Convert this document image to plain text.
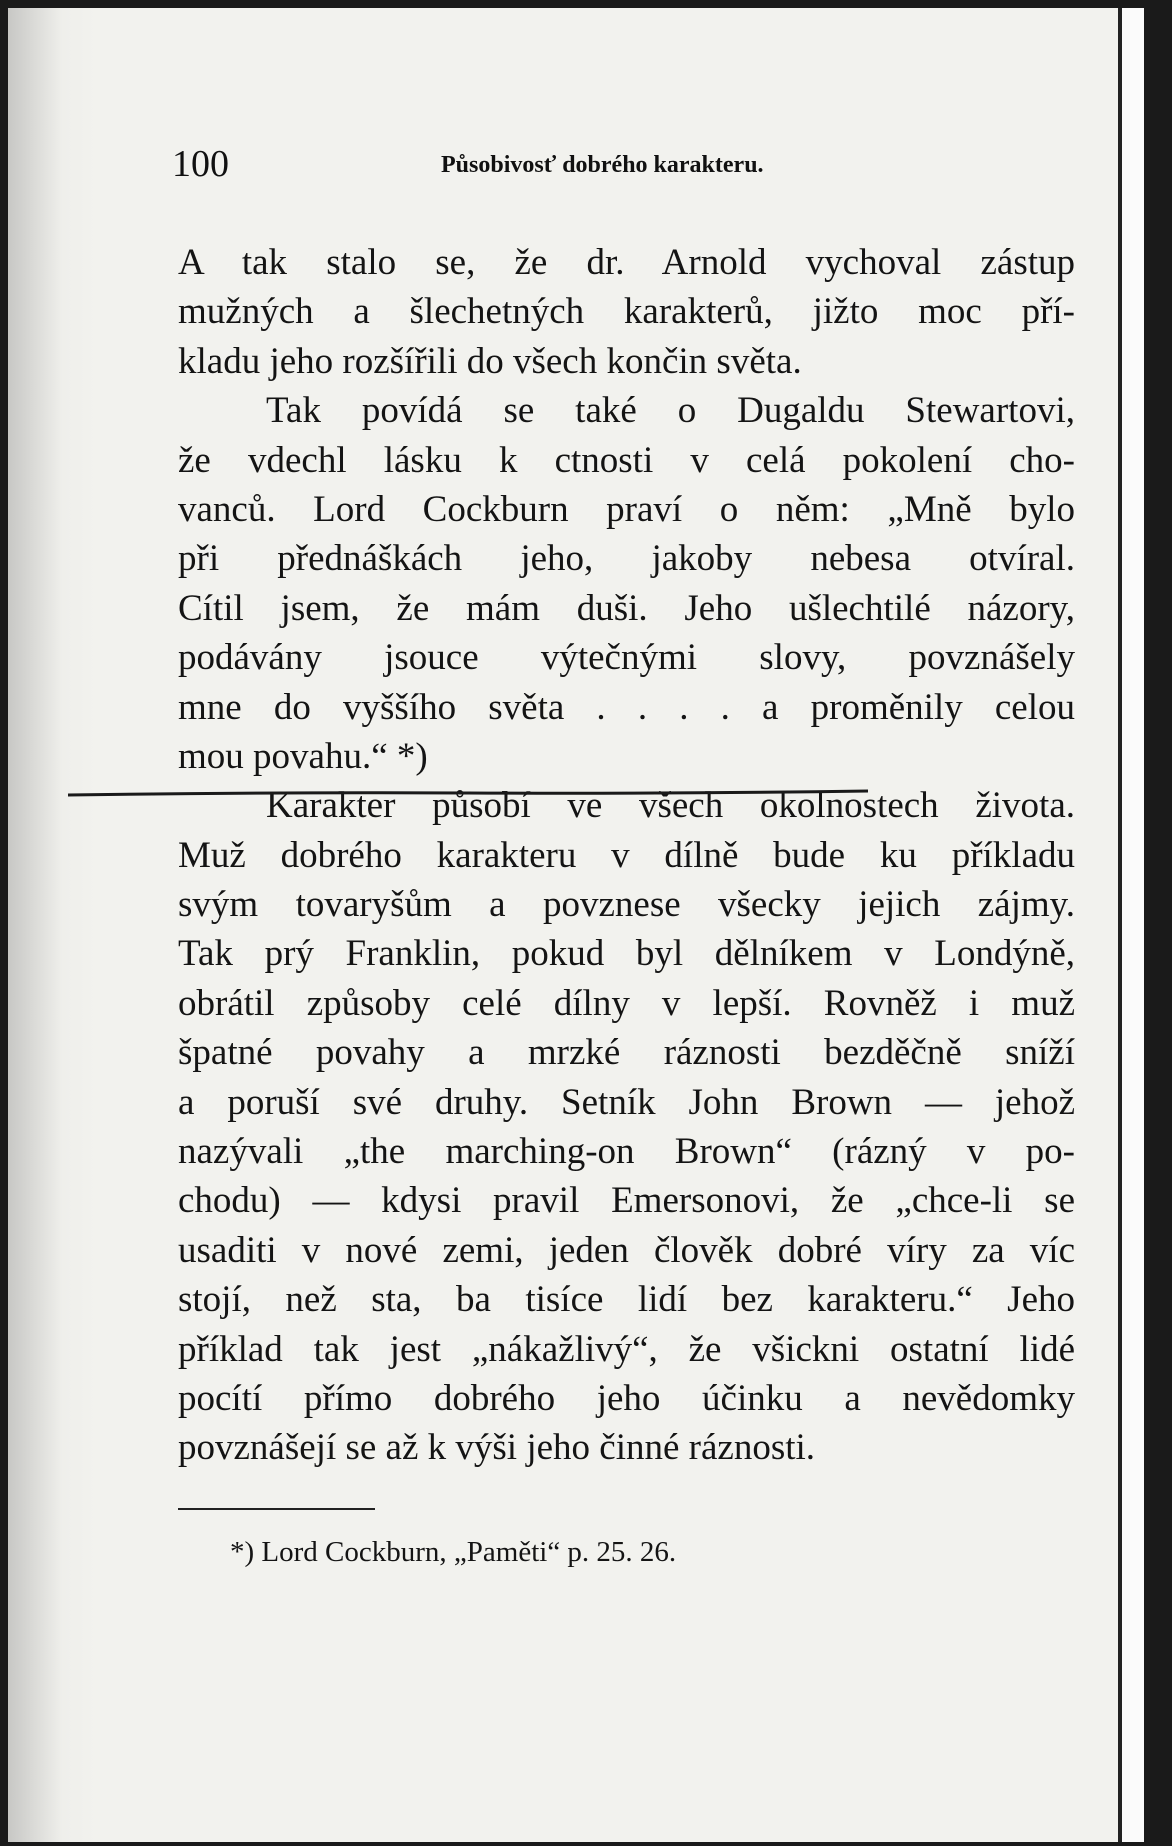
100	Působivosť dobrého karakteru.
A tak stalo se, že dr. Arnold vychoval zástup
mužných a šlechetných karakterů, jižto moc pří-
kladu jeho rozšířili do všech končin světa.
Tak povídá se také o Dugaldu Stewartovi,
že vdechl lásku k ctnosti v celá pokolení cho-
vanců. Lord Cockburn praví o něm: „Mně bylo
při přednáškách jeho, jakoby nebesa otvíral.
Cítil jsem, že mám duši. Jeho ušlechtilé názory,
podávány jsouce výtečnými slovy, povznášely
mne do vyššího světa . . . . a proměnily celou
mou povahu.“ *)
Karakter působí ve všech okolnostech života.
Muž dobrého karakteru v dílně bude ku příkladu
svým tovaryšům a povznese všecky jejich zájmy.
Tak prý Franklin, pokud byl dělníkem v Londýně,
obrátil způsoby celé dílny v lepší. Rovněž i muž
špatné povahy a mrzké ráznosti bezděčně sníží
a poruší své druhy. Setník John Brown — jehož
nazývali „the marching-on Brown“ (rázný v po-
chodu) — kdysi pravil Emersonovi, že „chce-li se
usaditi v nové zemi, jeden člověk dobré víry za víc
stojí, než sta, ba tisíce lidí bez karakteru.“ Jeho
příklad tak jest „nákažlivý“, že všickni ostatní lidé
pocítí přímo dobrého jeho účinku a nevědomky
povznášejí se až k výši jeho činné ráznosti.
*) Lord Cockburn, „Paměti“ p. 25. 26.
